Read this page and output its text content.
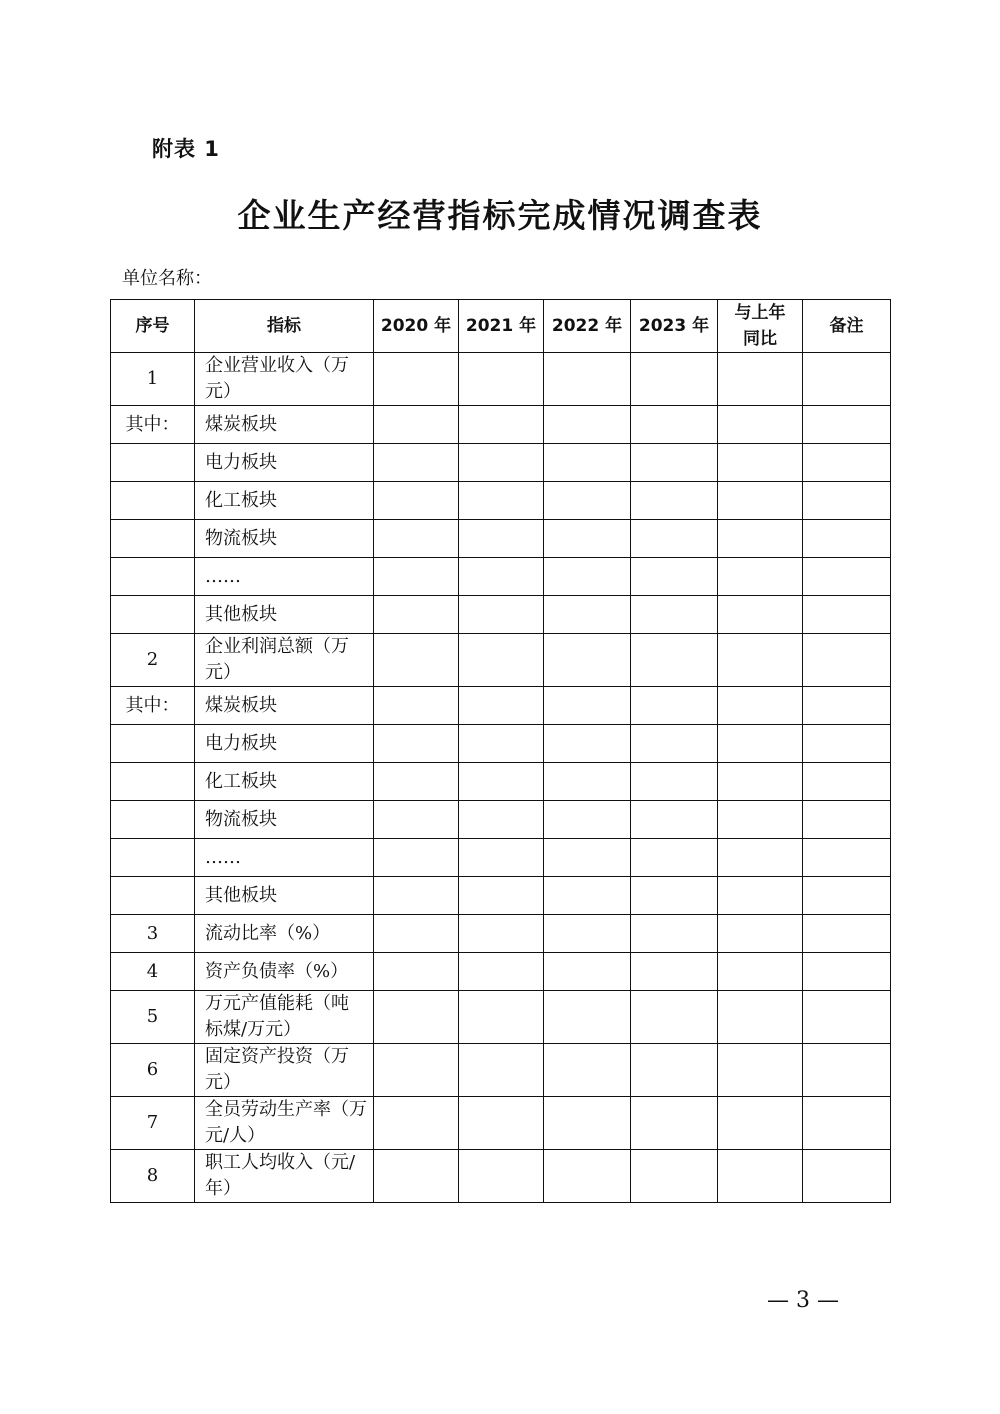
附表 1
企业生产经营指标完成情况调查表
单位名称：
序号	指标	2020 年	2021 年	2022 年	2023 年	与上年同比	备注
1	企业营业收入（万元）						
其中：	煤炭板块						
	电力板块						
	化工板块						
	物流板块						
	……						
	其他板块						
2	企业利润总额（万元）						
其中：	煤炭板块						
	电力板块						
	化工板块						
	物流板块						
	……						
	其他板块						
3	流动比率（%）						
4	资产负债率（%）						
5	万元产值能耗（吨标煤/万元）						
6	固定资产投资（万元）						
7	全员劳动生产率（万元/人）						
8	职工人均收入（元/年）						
— 3 —
